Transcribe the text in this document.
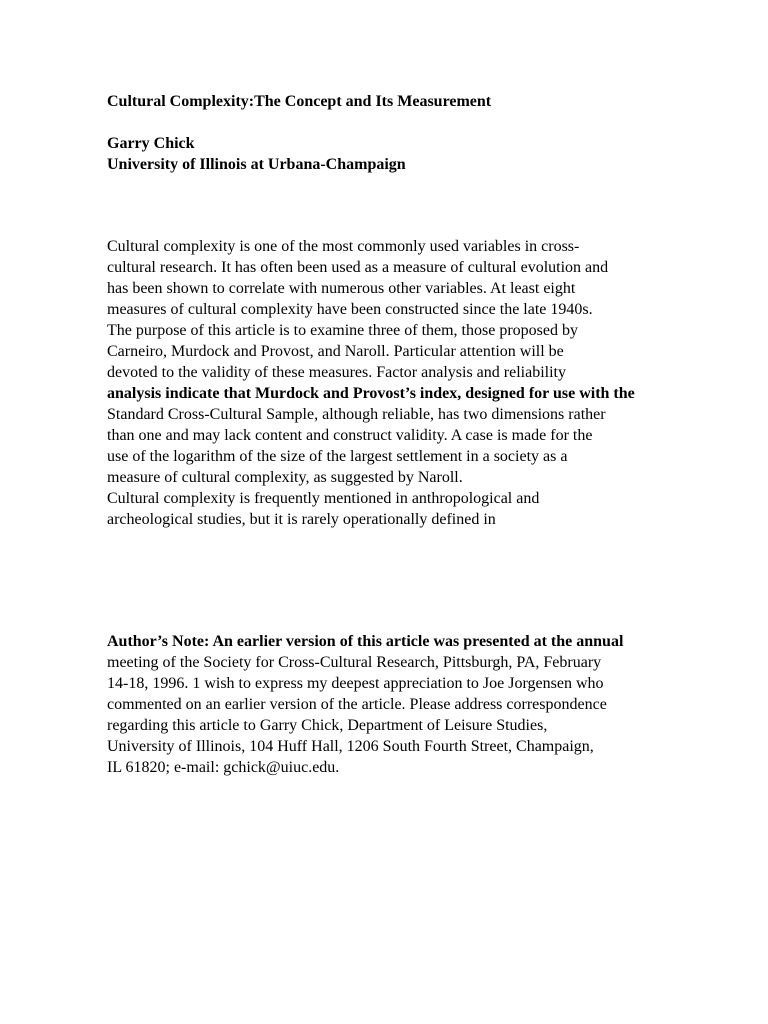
Cultural Complexity:The Concept and Its Measurement
Garry Chick
University of Illinois at Urbana-Champaign
Cultural complexity is one of the most commonly used variables in cross-
cultural research. It has often been used as a measure of cultural evolution and
has been shown to correlate with numerous other variables. At least eight
measures of cultural complexity have been constructed since the late 1940s.
The purpose of this article is to examine three of them, those proposed by
Carneiro, Murdock and Provost, and Naroll. Particular attention will be
devoted to the validity of these measures. Factor analysis and reliability
analysis indicate that Murdock and Provost’s index, designed for use with the
Standard Cross-Cultural Sample, although reliable, has two dimensions rather
than one and may lack content and construct validity. A case is made for the
use of the logarithm of the size of the largest settlement in a society as a
measure of cultural complexity, as suggested by Naroll.
Cultural complexity is frequently mentioned in anthropological and
archeological studies, but it is rarely operationally defined in
Author’s Note: An earlier version of this article was presented at the annual
meeting of the Society for Cross-Cultural Research, Pittsburgh, PA, February
14-18, 1996. 1 wish to express my deepest appreciation to Joe Jorgensen who
commented on an earlier version of the article. Please address correspondence
regarding this article to Garry Chick, Department of Leisure Studies,
University of Illinois, 104 Huff Hall, 1206 South Fourth Street, Champaign,
IL 61820; e-mail: gchick@uiuc.edu.
